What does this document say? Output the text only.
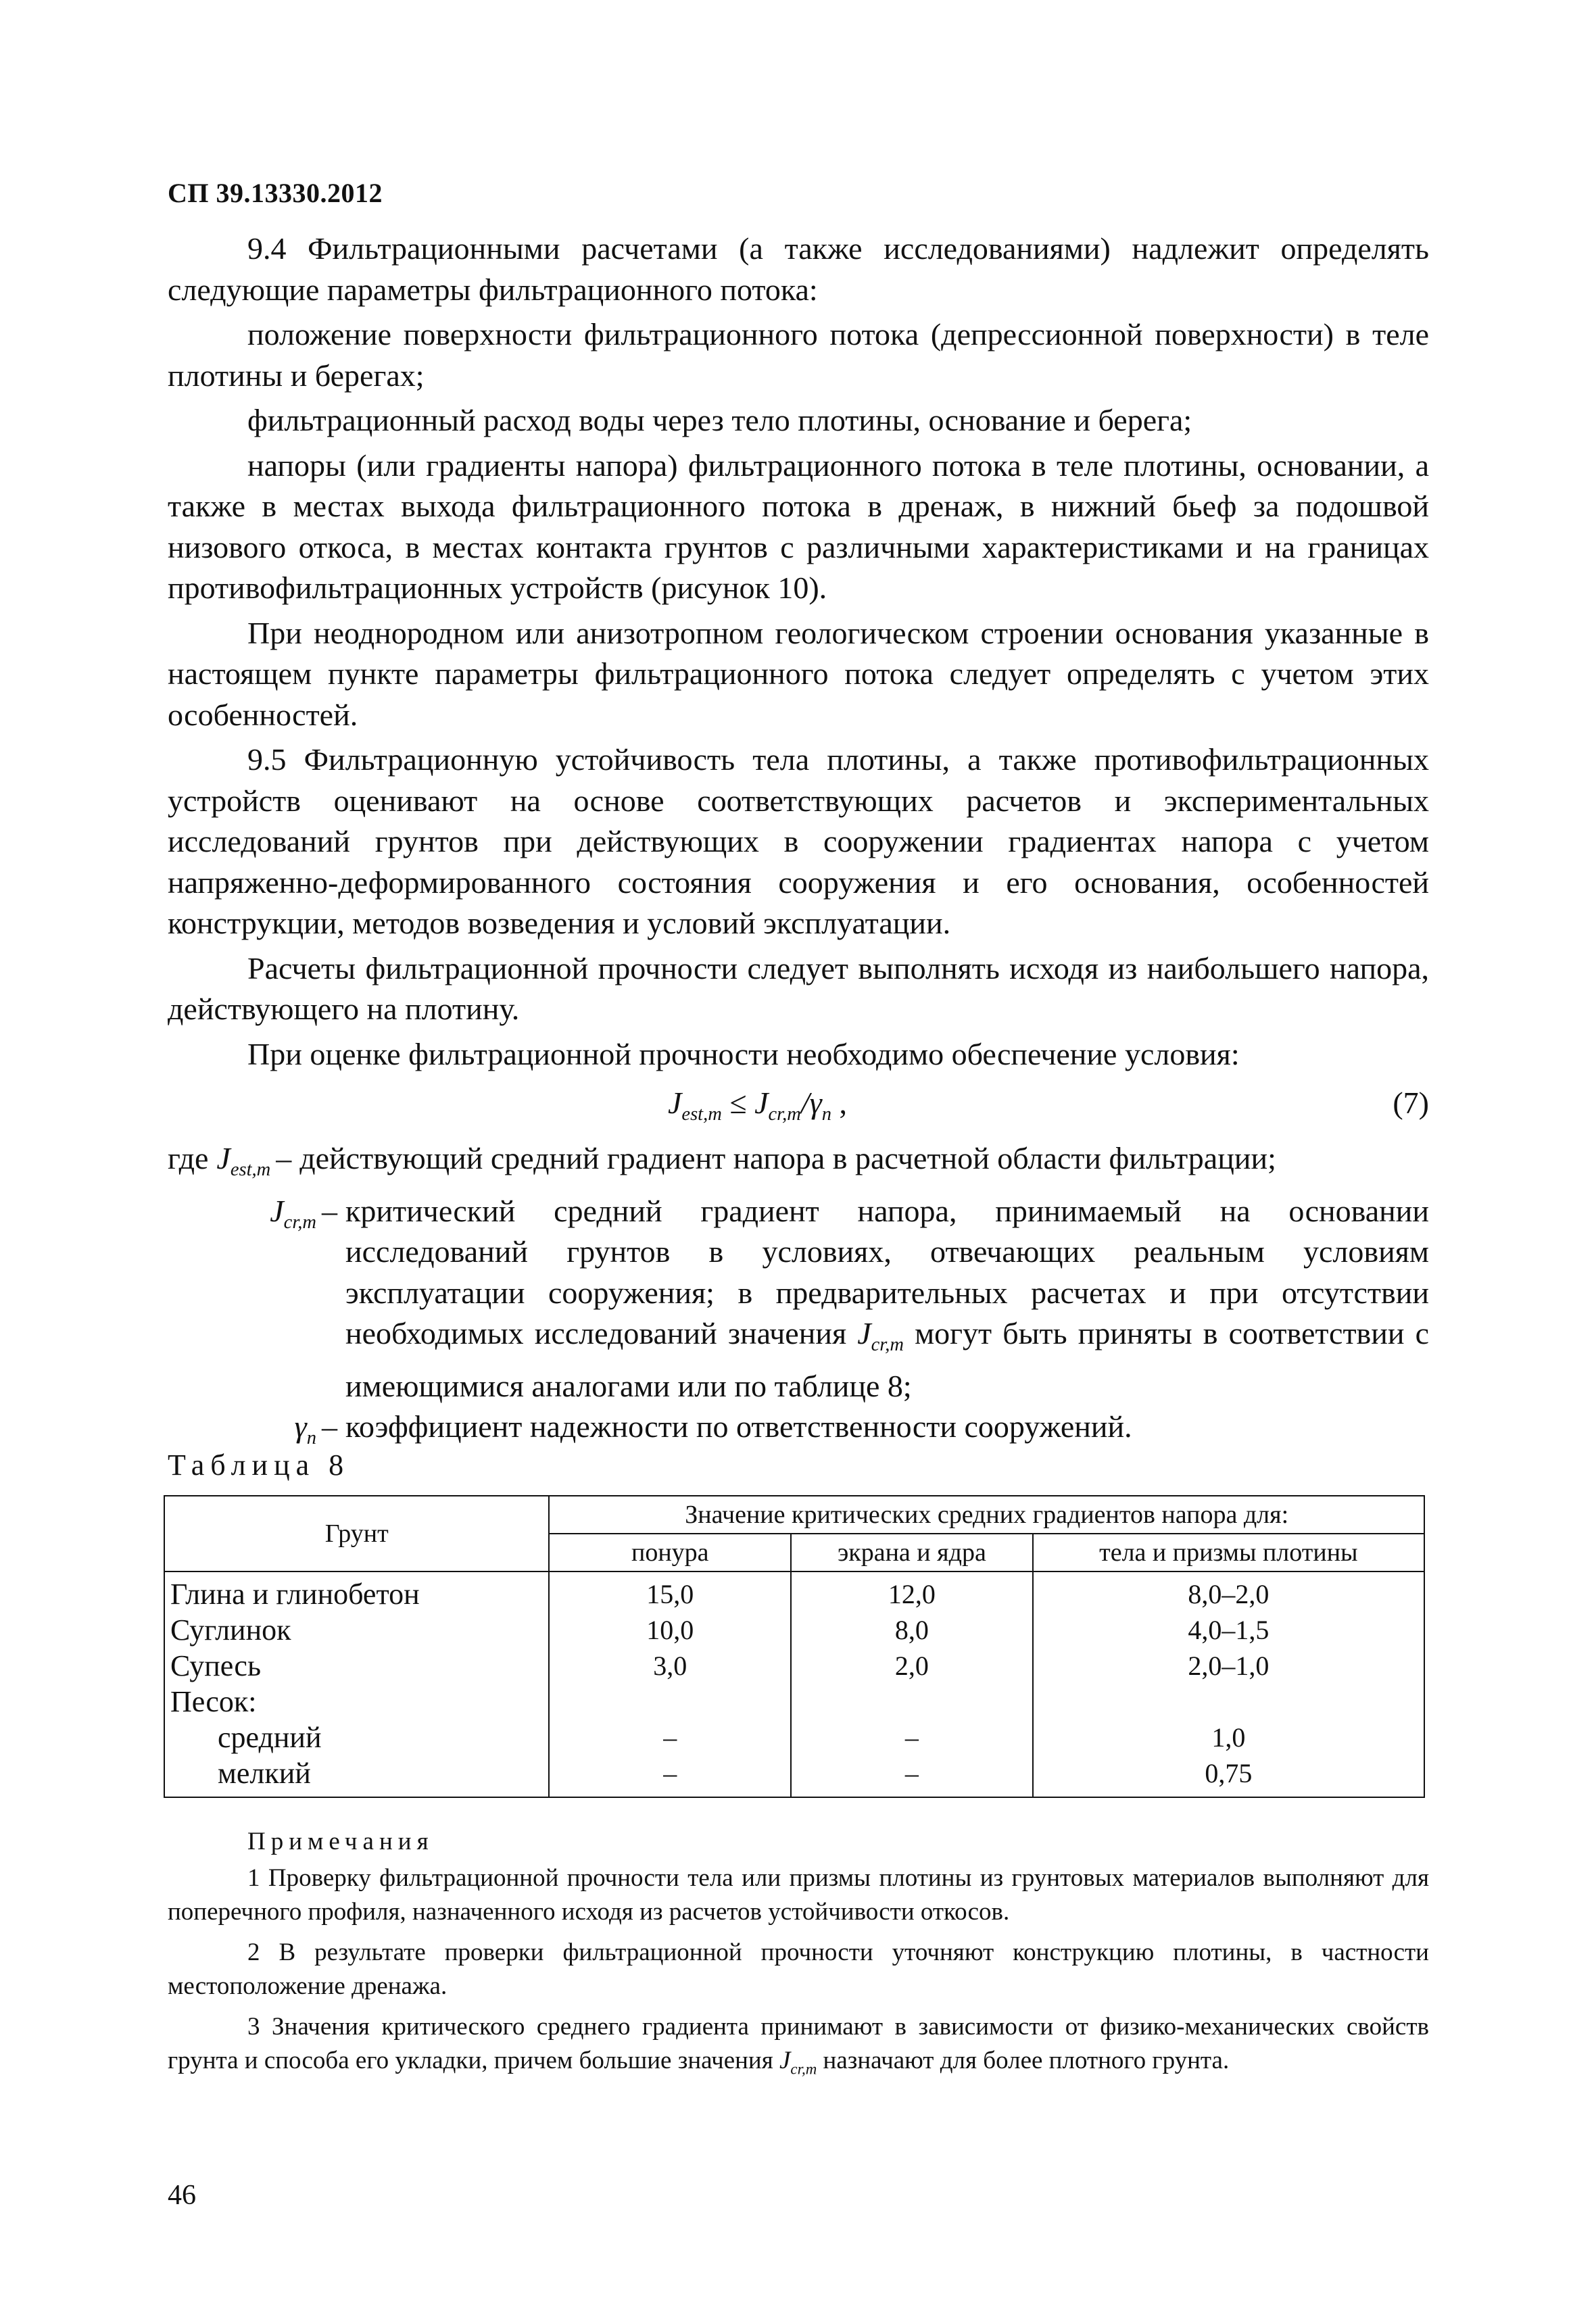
СП 39.13330.2012

9.4 Фильтрационными расчетами (а также исследованиями) надлежит определять следующие параметры фильтрационного потока:

положение поверхности фильтрационного потока (депрессионной поверхности) в теле плотины и берегах;

фильтрационный расход воды через тело плотины, основание и берега;

напоры (или градиенты напора) фильтрационного потока в теле плотины, основании, а также в местах выхода фильтрационного потока в дренаж, в нижний бьеф за подошвой низового откоса, в местах контакта грунтов с различными характеристиками и на границах противофильтрационных устройств (рисунок 10).

При неоднородном или анизотропном геологическом строении основания указанные в настоящем пункте параметры фильтрационного потока следует определять с учетом этих особенностей.

9.5 Фильтрационную устойчивость тела плотины, а также противофильтрационных устройств оценивают на основе соответствующих расчетов и экспериментальных исследований грунтов при действующих в сооружении градиентах напора с учетом напряженно-деформированного состояния сооружения и его основания, особенностей конструкции, методов возведения и условий эксплуатации.

Расчеты фильтрационной прочности следует выполнять исходя из наибольшего напора, действующего на плотину.

При оценке фильтрационной прочности необходимо обеспечение условия:

$J_{est,m} \le J_{cr,m}/\gamma_n$ ,	(7)
где $J_{est,m}$ – действующий средний градиент напора в расчетной области фильтрации;
$J_{cr,m}$ – критический средний градиент напора, принимаемый на основании исследований грунтов в условиях, отвечающих реальным условиям эксплуатации сооружения; в предварительных расчетах и при отсутствии необходимых исследований значения $J_{cr,m}$ могут быть приняты в соответствии с имеющимися аналогами или по таблице 8;
$\gamma_n$ – коэффициент надежности по ответственности сооружений.
Таблица 8
Грунт	Значение критических средних градиентов напора для:		
	понура	экрана и ядра	тела и призмы плотины
Глина и глинобетон	15,0	12,0	8,0–2,0
Суглинок	10,0	8,0	4,0–1,5
Супесь	3,0	2,0	2,0–1,0
Песок:			
средний	–	–	1,0
мелкий	–	–	0,75

Примечания

1 Проверку фильтрационной прочности тела или призмы плотины из грунтовых материалов выполняют для поперечного профиля, назначенного исходя из расчетов устойчивости откосов.

2 В результате проверки фильтрационной прочности уточняют конструкцию плотины, в частности местоположение дренажа.

3 Значения критического среднего градиента принимают в зависимости от физико-механических свойств грунта и способа его укладки, причем большие значения $J_{cr,m}$ назначают для более плотного грунта.

46
